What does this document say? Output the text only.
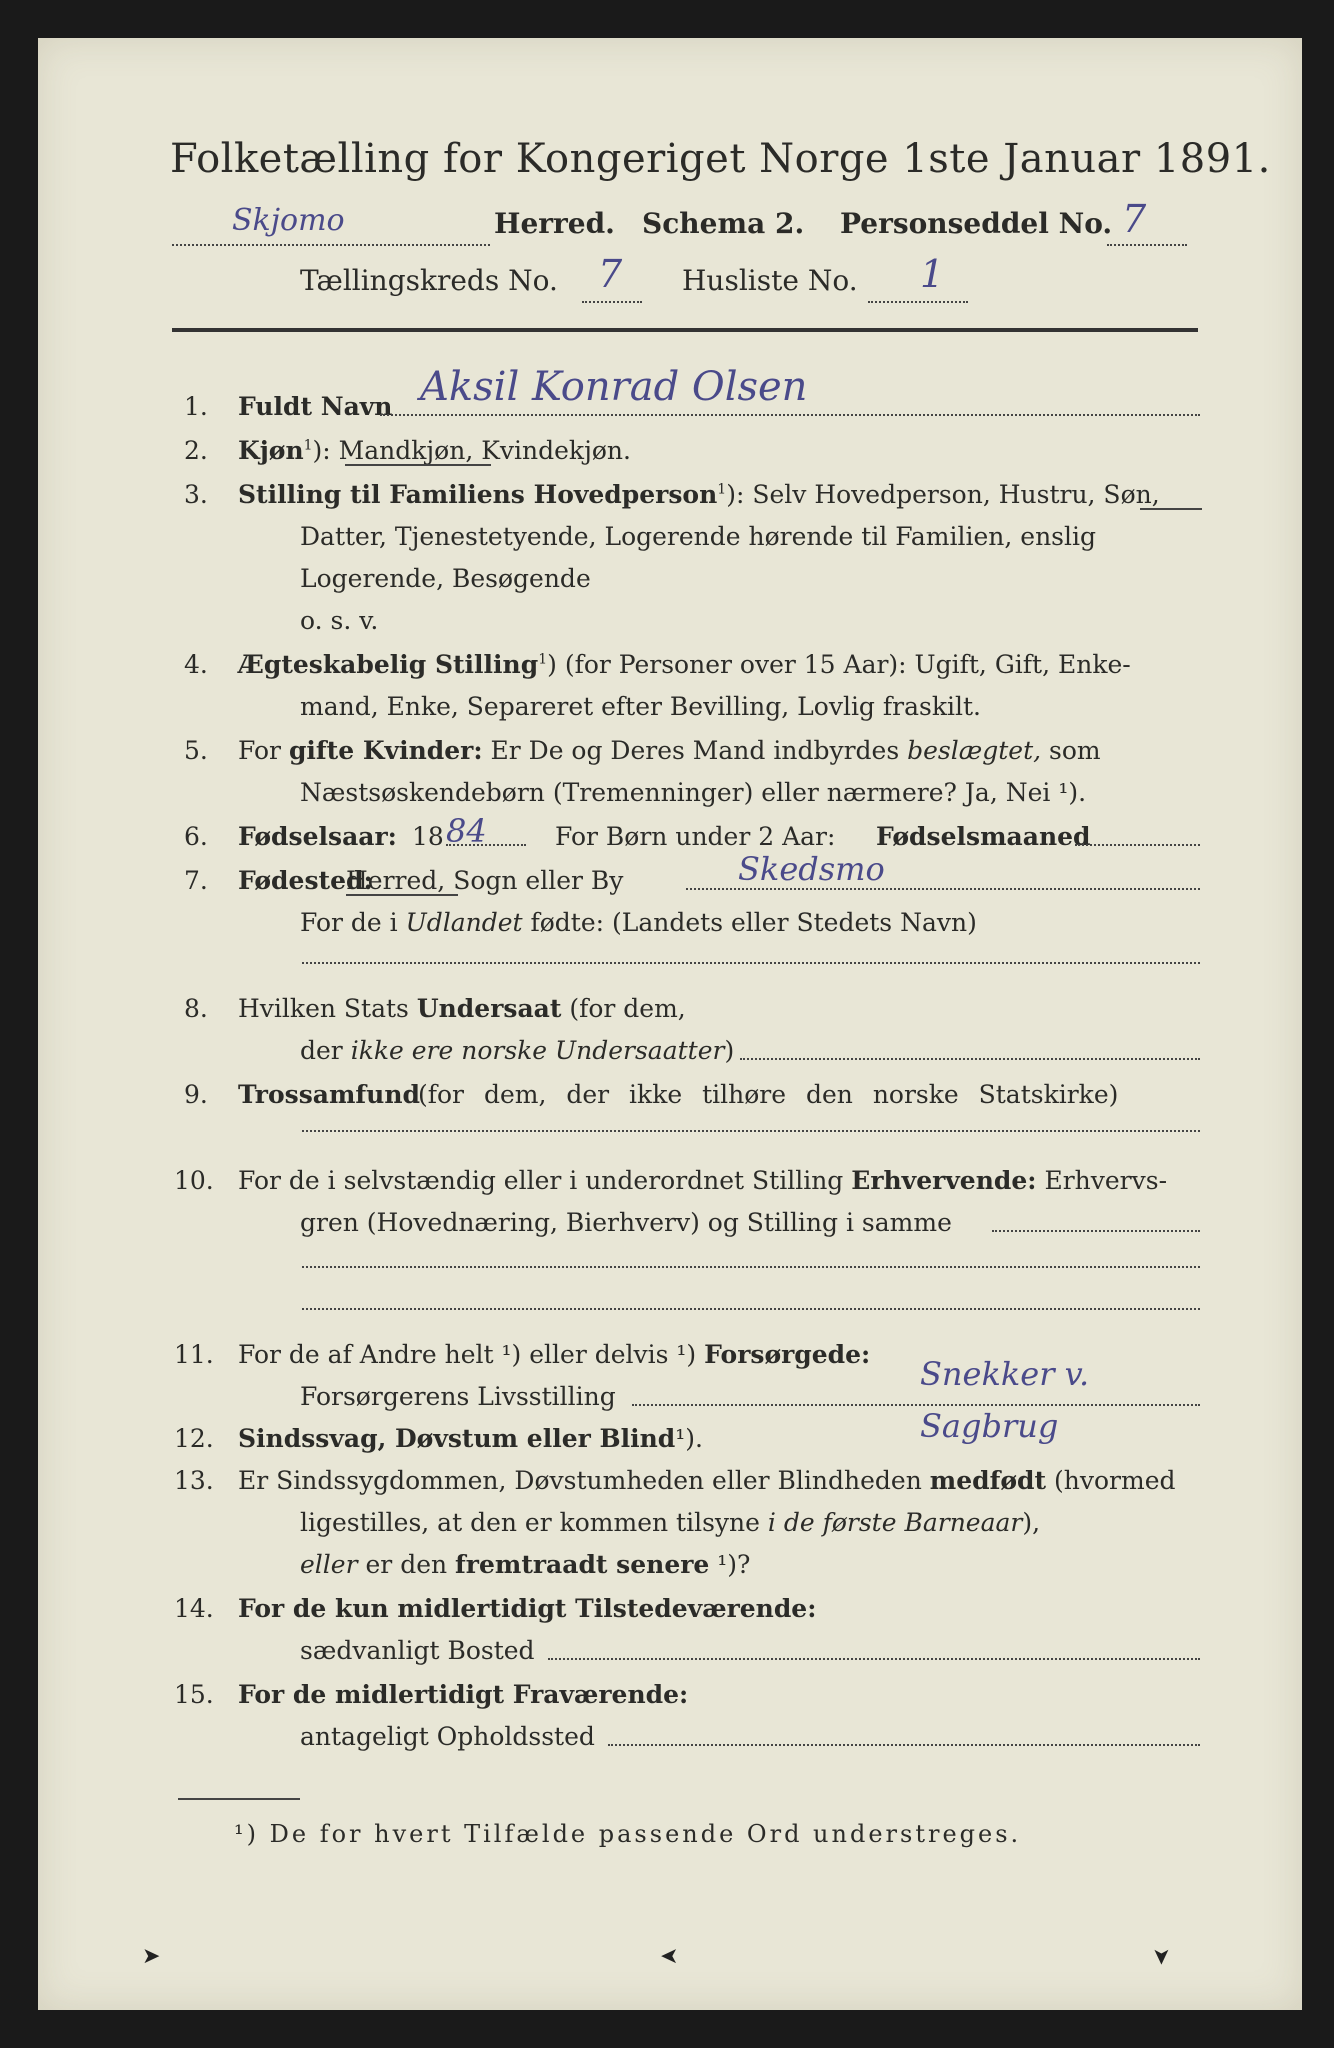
Folketælling for Kongeriget Norge 1ste Januar 1891.
Skjomo	Herred. Schema 2. Personseddel No. 7
Tællingskreds No. 7 Husliste No. 1
1. Fuldt Navn Aksil Konrad Olsen
2. Kjøn$^1$): Mandkjøn, Kvindekjøn.
3. Stilling til Familiens Hovedperson$^1$): Selv Hovedperson, Hustru, Søn,
Datter, Tjenestetyende, Logerende hørende til Familien, enslig
Logerende, Besøgende
o. s. v.
4. Ægteskabelig Stilling$^1$) (for Personer over 15 Aar): Ugift, Gift, Enke-
mand, Enke, Separeret efter Bevilling, Lovlig fraskilt.
5. For gifte Kvinder: Er De og Deres Mand indbyrdes beslægtet, som
Næstsøskendebørn (Tremenninger) eller nærmere? Ja, Nei ¹).
6. Fødselsaar: 18 84	For Børn under 2 Aar: Fødselsmaaned
7. Fødested:
Herred, Sogn eller By	Skedsmo
For de i Udlandet fødte: (Landets eller Stedets Navn)
8. Hvilken Stats Undersaat (for dem,
der ikke ere norske Undersaatter)
9. Trossamfund
(for dem, der ikke tilhøre den norske Statskirke)
10. For de i selvstændig eller i underordnet Stilling Erhvervende: Erhvervs-
gren (Hovednæring, Bierhverv) og Stilling i samme
11. For de af Andre helt ¹) eller delvis ¹) Forsørgede:
Forsørgerens Livsstilling
Snekker v. Sagbrug
12. Sindssvag, Døvstum eller Blind¹).
13. Er Sindssygdommen, Døvstumheden eller Blindheden medfødt (hvormed
ligestilles, at den er kommen tilsyne i de første Barneaar),
eller er den fremtraadt senere ¹)?
14. For de kun midlertidigt Tilstedeværende:
sædvanligt Bosted
15. For de midlertidigt Fraværende:
antageligt Opholdssted
¹) De for hvert Tilfælde passende Ord understreges.
➤	➤	➤
